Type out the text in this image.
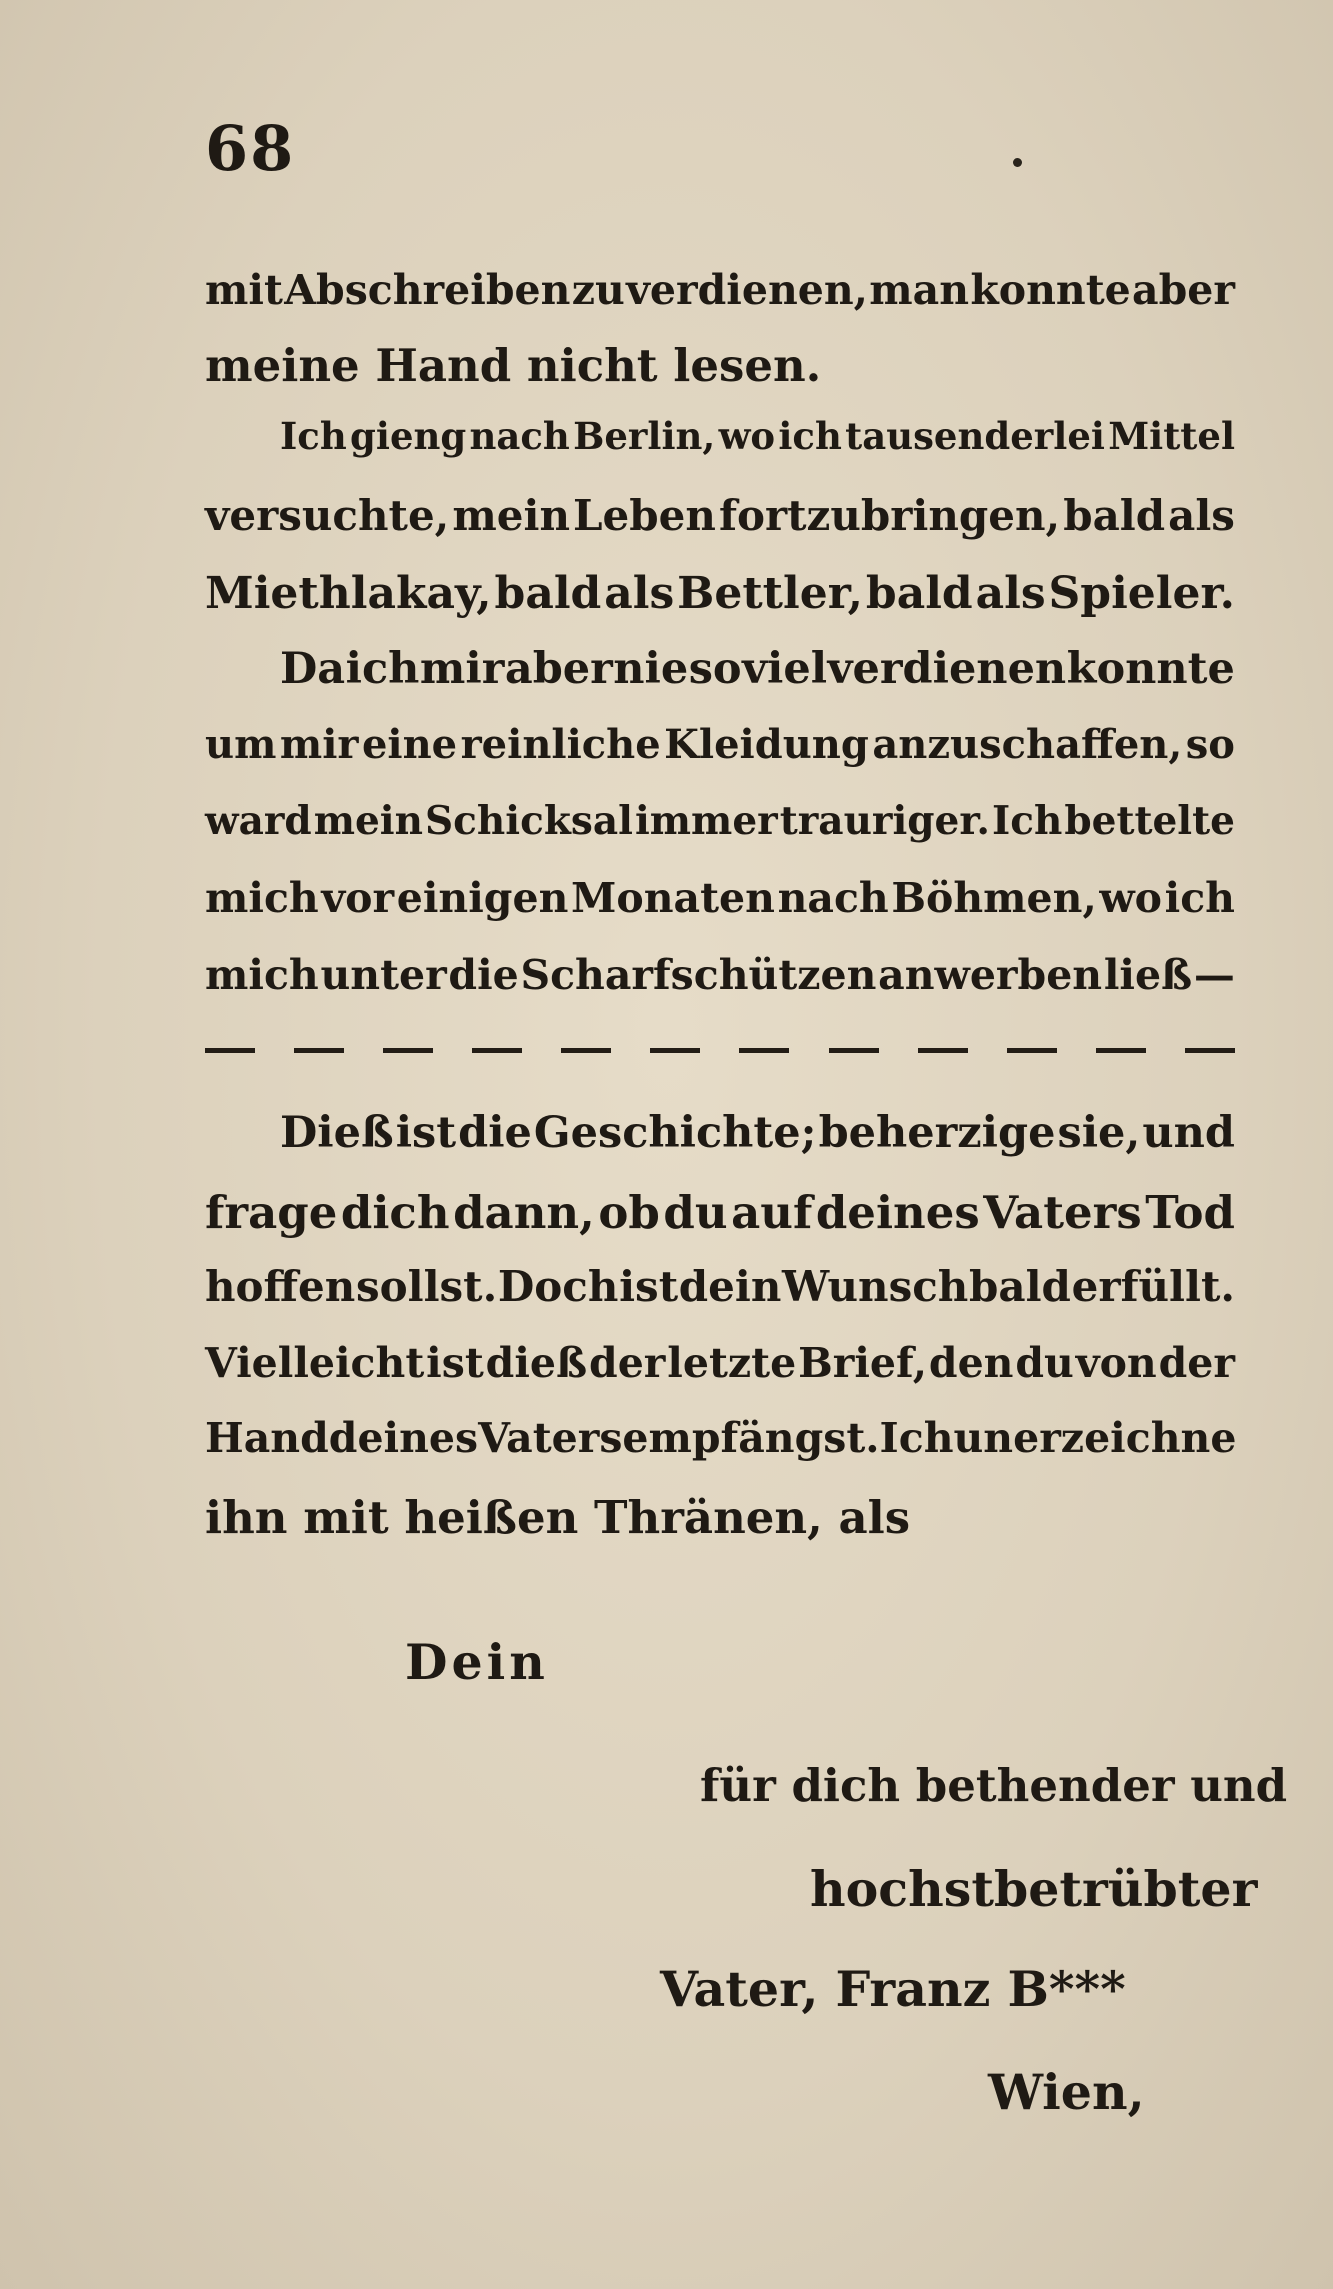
68
mit Abschreiben zu verdienen, man konnte aber
meine Hand nicht lesen.
Ich gieng nach Berlin, wo ich tausenderlei Mittel
versuchte, mein Leben fortzubringen, bald als
Miethlakay, bald als Bettler, bald als Spieler.
Da ich mir aber nie so viel verdienen konnte
um mir eine reinliche Kleidung anzuschaffen, so
ward mein Schicksal immer trauriger. Ich bettelte
mich vor einigen Monaten nach Böhmen, wo ich
mich unter die Scharfschützen anwerben ließ —
Dieß ist die Geschichte; beherzige sie, und
frage dich dann, ob du auf deines Vaters Tod
hoffen sollst. Doch ist dein Wunsch bald erfüllt.
Vielleicht ist dieß der letzte Brief, den du von der
Hand deines Vaters empfängst. Ich unerzeichne
ihn mit heißen Thränen, als
Dein
für dich bethender und
hochstbetrübter
Vater, Franz B***
Wien,
